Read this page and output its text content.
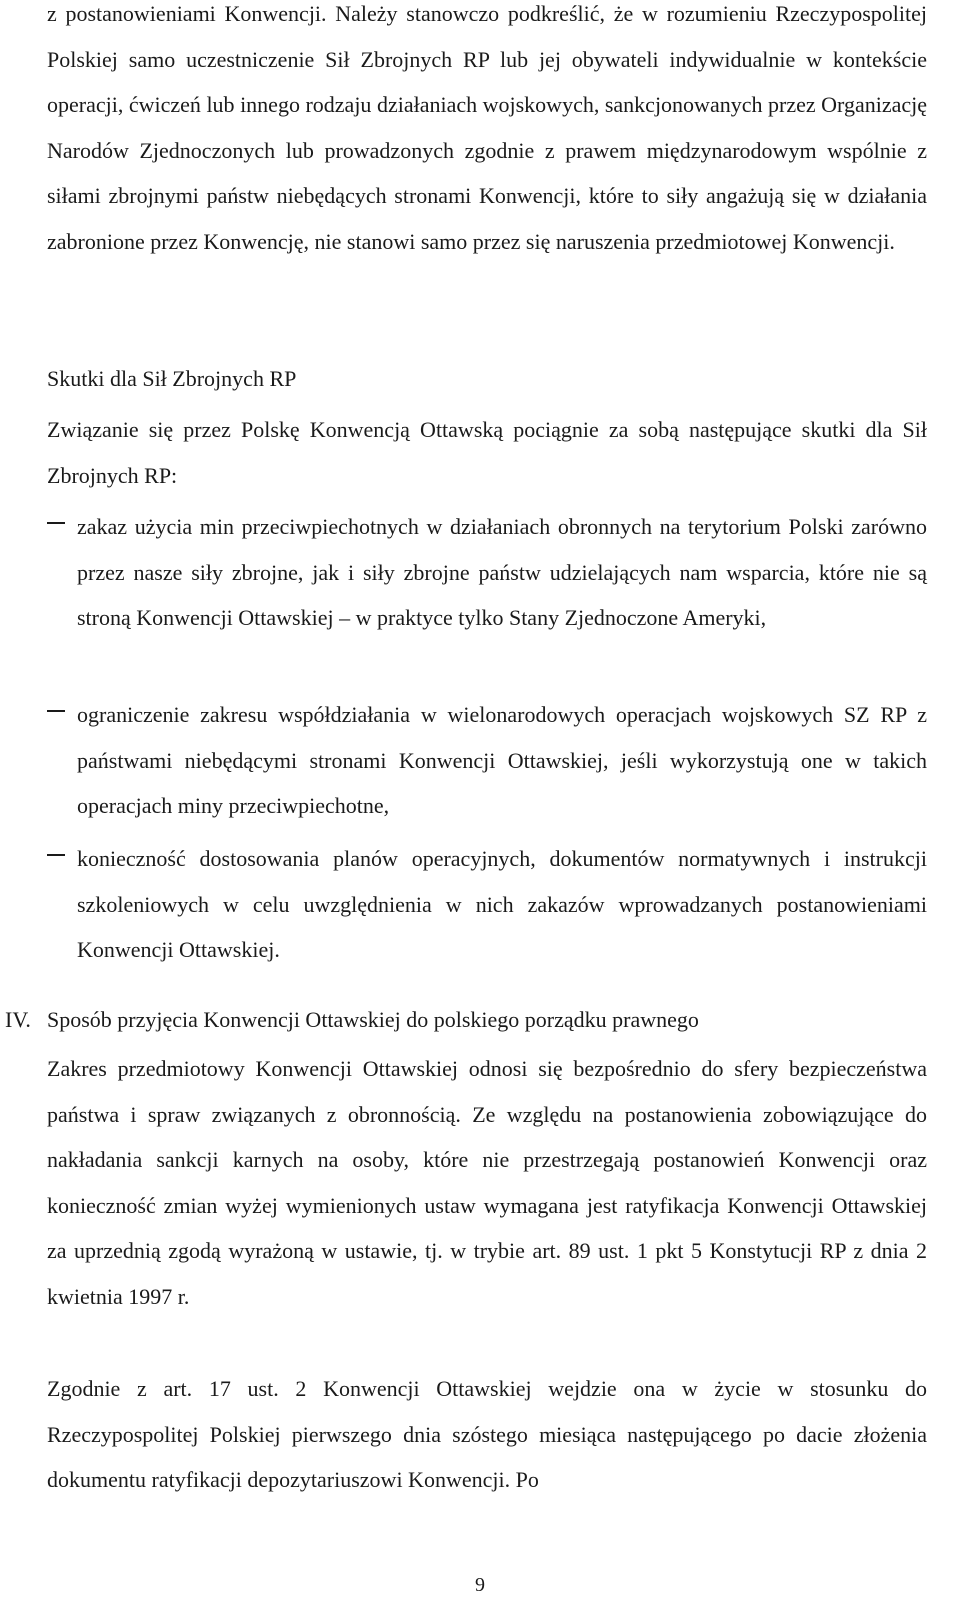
z postanowieniami Konwencji. Należy stanowczo podkreślić, że w rozumieniu Rzeczypospolitej Polskiej samo uczestniczenie Sił Zbrojnych RP lub jej obywateli indywidualnie w kontekście operacji, ćwiczeń lub innego rodzaju działaniach wojskowych, sankcjonowanych przez Organizację Narodów Zjednoczonych lub prowadzonych zgodnie z prawem międzynarodowym wspólnie z siłami zbrojnymi państw niebędących stronami Konwencji, które to siły angażują się w działania zabronione przez Konwencję, nie stanowi samo przez się naruszenia przedmiotowej Konwencji.

Skutki dla Sił Zbrojnych RP

Związanie się przez Polskę Konwencją Ottawską pociągnie za sobą następujące skutki dla Sił Zbrojnych RP:

zakaz użycia min przeciwpiechotnych w działaniach obronnych na terytorium Polski zarówno przez nasze siły zbrojne, jak i siły zbrojne państw udzielających nam wsparcia, które nie są stroną Konwencji Ottawskiej – w praktyce tylko Stany Zjednoczone Ameryki,

ograniczenie zakresu współdziałania w wielonarodowych operacjach wojskowych SZ RP z państwami niebędącymi stronami Konwencji Ottawskiej, jeśli wykorzystują one w takich operacjach miny przeciwpiechotne,

konieczność dostosowania planów operacyjnych, dokumentów normatywnych i instrukcji szkoleniowych w celu uwzględnienia w nich zakazów wprowadzanych postanowieniami Konwencji Ottawskiej.

IV. Sposób przyjęcia Konwencji Ottawskiej do polskiego porządku prawnego

Zakres przedmiotowy Konwencji Ottawskiej odnosi się bezpośrednio do sfery bezpieczeństwa państwa i spraw związanych z obronnością. Ze względu na postanowienia zobowiązujące do nakładania sankcji karnych na osoby, które nie przestrzegają postanowień Konwencji oraz konieczność zmian wyżej wymienionych ustaw wymagana jest ratyfikacja Konwencji Ottawskiej za uprzednią zgodą wyrażoną w ustawie, tj. w trybie art. 89 ust. 1 pkt 5 Konstytucji RP z dnia 2 kwietnia 1997 r.

Zgodnie z art. 17 ust. 2 Konwencji Ottawskiej wejdzie ona w życie w stosunku do Rzeczypospolitej Polskiej pierwszego dnia szóstego miesiąca następującego po dacie złożenia dokumentu ratyfikacji depozytariuszowi Konwencji. Po

9
